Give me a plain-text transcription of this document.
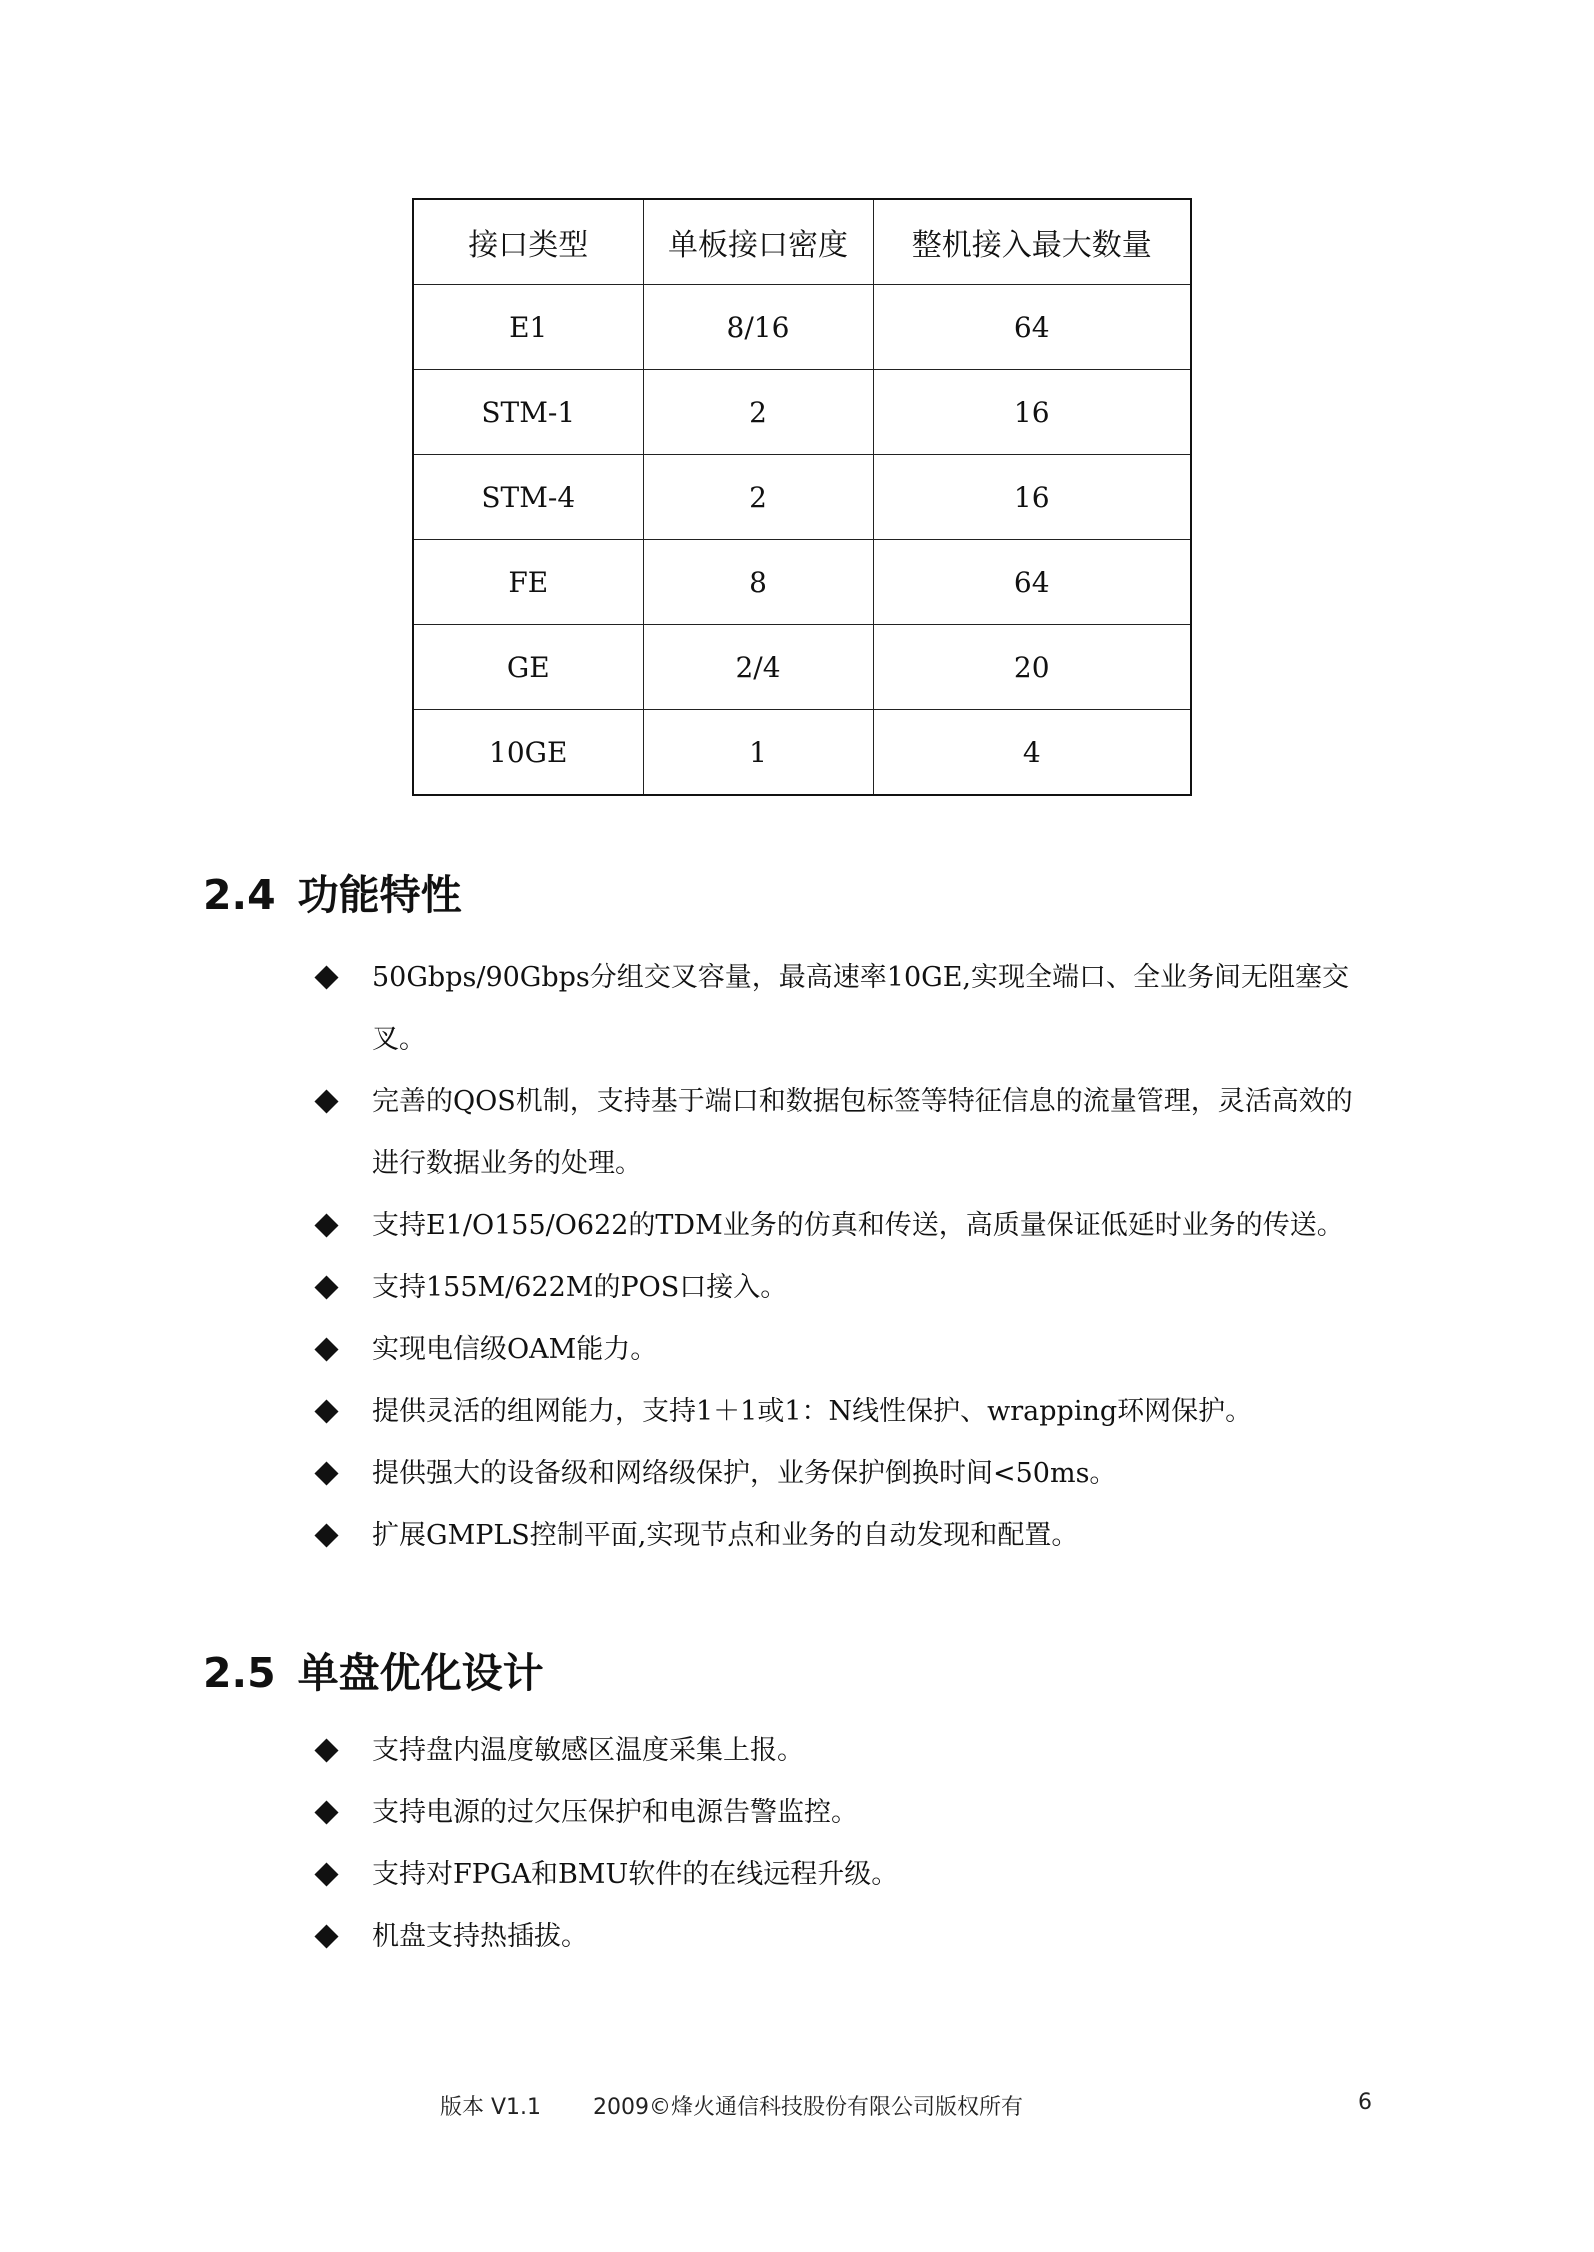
接口类型	单板接口密度	整机接入最大数量
E1	8/16	64
STM-1	2	16
STM-4	2	16
FE	8	64
GE	2/4	20
10GE	1	4
2.4 功能特性
50Gbps/90Gbps分组交叉容量，最高速率10GE,实现全端口、全业务间无阻塞交叉。
完善的QOS机制，支持基于端口和数据包标签等特征信息的流量管理，灵活高效的进行数据业务的处理。
支持E1/O155/O622的TDM业务的仿真和传送，高质量保证低延时业务的传送。
支持155M/622M的POS口接入。
实现电信级OAM能力。
提供灵活的组网能力，支持1＋1或1：N线性保护、wrapping环网保护。
提供强大的设备级和网络级保护，业务保护倒换时间<50ms。
扩展GMPLS控制平面,实现节点和业务的自动发现和配置。
2.5 单盘优化设计
支持盘内温度敏感区温度采集上报。
支持电源的过欠压保护和电源告警监控。
支持对FPGA和BMU软件的在线远程升级。
机盘支持热插拔。
版本 V1.1 2009©烽火通信科技股份有限公司版权所有	6
